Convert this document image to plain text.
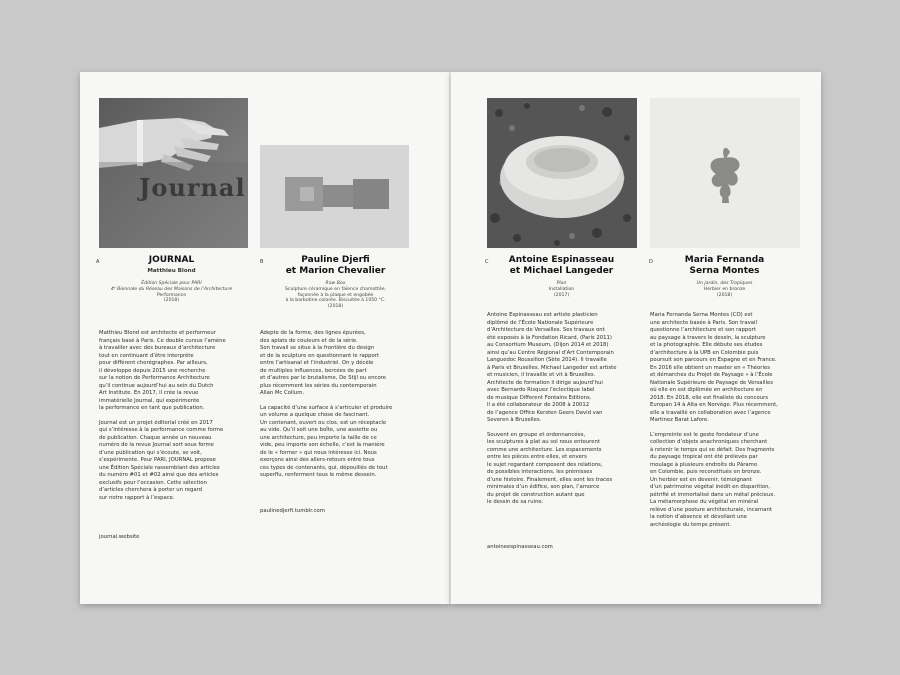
Journal
A	JOURNAL
Matthieu Blond
Édition Spéciale pour PARI
4ᵉ Biennale du Réseau des Maisons de l’Architecture
Performance
(2018)
B	Pauline Djerfi
et Marion Chevalier
Raw Box
Sculpture céramique en faïence chamottée,
façonnée à la plaque et engobée
à la barbotine colorée. Biscuitée à 1050 °C.
(2018)

Matthieu Blond est architecte et performeur
français basé à Paris. Ce double cursus l’amène
à travailler avec des bureaux d’architecture
tout en continuant d’être interprète
pour différent chorégraphes. Par ailleurs,
il développe depuis 2015 une recherche
sur la notion de Performance Architecture
qu’il continue aujourd’hui au sein du Dutch
Art Institute. En 2017, il crée la revue
immatérielle Journal, qui expérimente
la performance en tant que publication.

Journal est un projet éditorial créé en 2017
qui s’intéresse à la performance comme forme
de publication. Chaque année un nouveau
numéro de la revue Journal sort sous forme
d’une publication qui s’écoute, se voit,
s’expérimente. Pour PARI, JOURNAL propose
une Édition Spéciale rassemblant des articles
du numéro #01 et #02 ainsi que des articles
exclusifs pour l’occasion. Cette sélection
d’articles cherchera à porter un regard
sur notre rapport à l’espace.

journal.website

Adepte de la forme, des lignes épurées,
des aplats de couleurs et de la série.
Son travail se situe à la frontière du design
et de la sculpture en questionnant le rapport
entre l’artisanal et l’industriel. On y décèle
de multiples influences, bercées de part
et d’autres par le brutalisme, De Stijl ou encore
plus récemment les séries du contemporain
Allan Mc Collum.

La capacité d’une surface à s’articuler et produire
un volume a quelque chose de fascinant.
Un contenant, ouvert ou clos, est un réceptacle
au vide. Qu’il soit une boîte, une assiette ou
une architecture, peu importe la taille de ce
vide, peu importe son échelle, c’est la manière
de le « former » qui nous intéresse ici. Nous
exerçons ainsi des allers-retours entre tous
ces types de contenants, qui, dépouillés de tout
superflu, renferment tous le même dessein.

paulinedjerfi.tumblr.com
C	Antoine Espinasseau
et Michael Langeder
Plan
Installation
(2017)
D	Maria Fernanda
Serna Montes
Un jardin, des Tropiques
Herbier en bronze
(2018)

Antoine Espinasseau est artiste plasticien
diplômé de l’École Nationale Supérieure
d’Architecture de Versailles. Ses travaux ont
été exposés à la Fondation Ricard, (Paris 2011)
au Consortium Museum, (Dijon 2014 et 2018)
ainsi qu’au Centre Régional d’Art Contemporain
Languedoc Roussillon (Sète 2014). Il travaille
à Paris et Bruxelles. Michael Langeder est artiste
et musicien, il travaille et vit à Bruxelles.
Architecte de formation il dirige aujourd’hui
avec Bernardo Risquez l’éclectique label
de musique Different Fontains Editions.
Il a été collaborateur de 2008 à 20012
de l’agence Office Kersten Geers David van
Severen à Bruxelles.

Souvent en groupe et ordonnancées,
les sculptures à plat au sol nous entourent
comme une architecture. Les espacements
entre les pièces entre elles, et envers
le sujet regardant composent des relations,
de possibles interactions, les prémisses
d’une histoire. Finalement, elles sont les traces
minimales d’un édifice, son plan, l’amorce
du projet de construction autant que
le dessin de sa ruine.

antoineespinasseau.com

Maria Fernanda Serna Montes (CO) est
une architecte basée à Paris. Son travail
questionne l’architecture et son rapport
au paysage à travers le dessin, la sculpture
et la photographie. Elle débute ses études
d’architecture à la UPB en Colombie puis
poursuit son parcours en Espagne et en France.
En 2016 elle obtient un master en « Théories
et démarches du Projet de Paysage » à l’École
Nationale Supérieure de Paysage de Versailles
où elle en est diplômée en architecture en
2018. En 2018, elle est finaliste du concours
Europan 14 à Alta en Norvège. Plus récemment,
elle a travaillé en collaboration avec l’agence
Martinez Barat Lafore.

L’empreinte est le geste fondateur d’une
collection d’objets anachroniques cherchant
à retenir le temps qui se défait. Des fragments
du paysage tropical ont été prélevés par
moulage à plusieurs endroits du Páramo
en Colombie, puis reconstitués en bronze.
Un herbier est en devenir, témoignant
d’un patrimoine végétal inédit en disparition,
pétrifié et immortalisé dans un métal précieux.
La métamorphose du végétal en minéral
relève d’une posture architecturale, incarnant
la notion d’absence et dévoilant une
archéologie du temps présent.
